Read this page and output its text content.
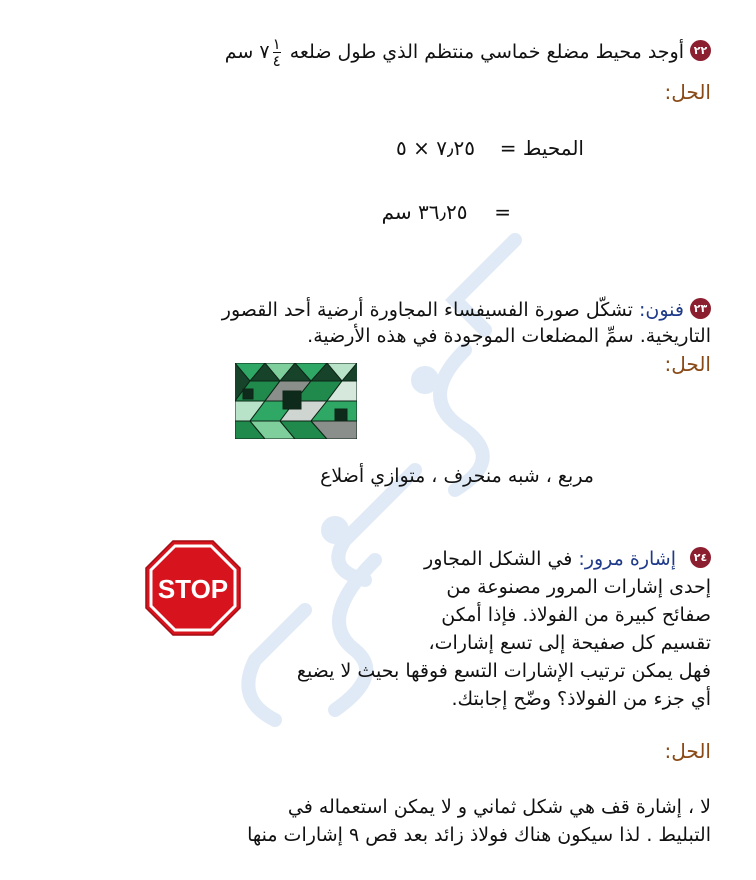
٢٢أوجد محيط مضلع خماسي منتظم الذي طول ضلعه
$\frac{١}{٤}$
٧ سم
الحل:
المحيط =  ٧٫٢٥ × ٥
=  ٣٦٫٢٥ سم
٢٣فنون: تشكّل صورة الفسيفساء المجاورة أرضية أحد القصور
التاريخية. سمِّ المضلعات الموجودة في هذه الأرضية.
الحل:
مربع ، شبه منحرف ، متوازي أضلاع
٢٤إشارة مرور: في الشكل المجاور
إحدى إشارات المرور مصنوعة من
صفائح كبيرة من الفولاذ. فإذا أمكن
تقسيم كل صفيحة إلى تسع إشارات،
فهل يمكن ترتيب الإشارات التسع فوقها بحيث لا يضيع
أي جزء من الفولاذ؟ وضّح إجابتك.
STOP
الحل:
لا ، إشارة قف هي شكل ثماني و لا يمكن استعماله في
التبليط . لذا سيكون هناك فولاذ زائد بعد قص ٩ إشارات منها
